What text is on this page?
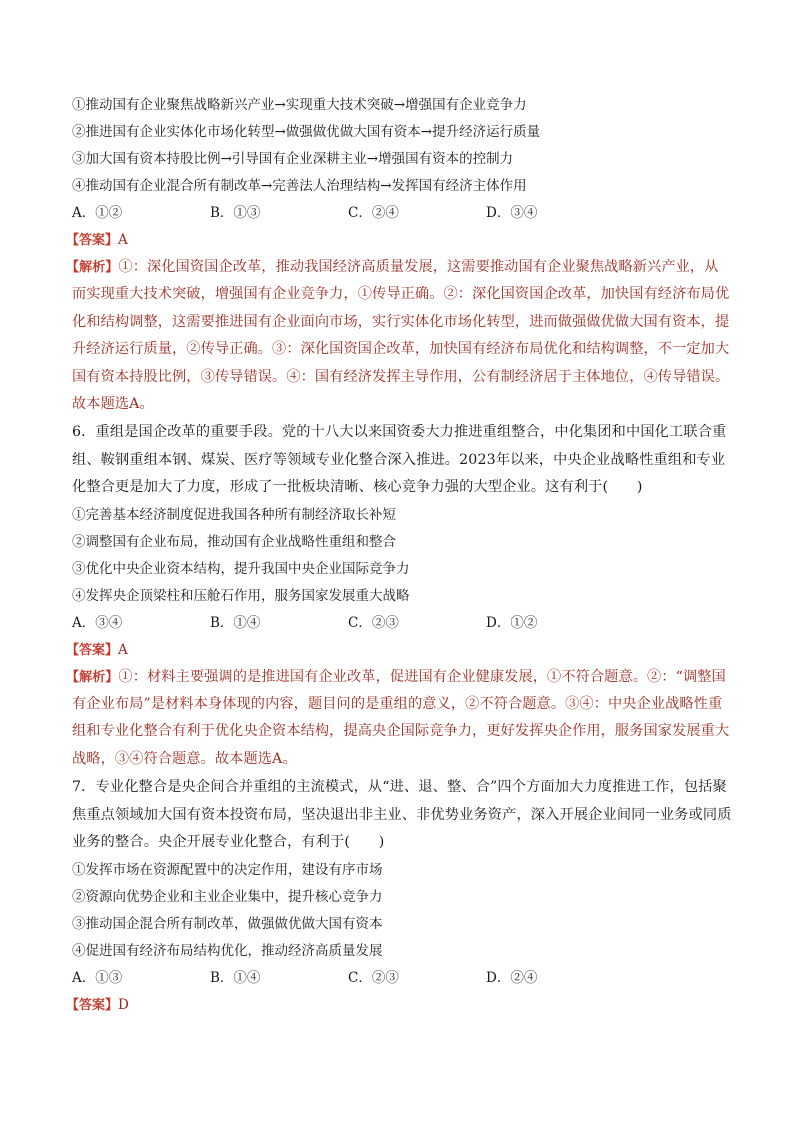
①推动国有企业聚焦战略新兴产业→实现重大技术突破→增强国有企业竞争力
②推进国有企业实体化市场化转型→做强做优做大国有资本→提升经济运行质量
③加大国有资本持股比例→引导国有企业深耕主业→增强国有资本的控制力
④推动国有企业混合所有制改革→完善法人治理结构→发挥国有经济主体作用
A．①②	B．①③	C．②④	D．③④
【答案】A
【解析】①：深化国资国企改革，推动我国经济高质量发展，这需要推动国有企业聚焦战略新兴产业，从而实现重大技术突破，增强国有企业竞争力，①传导正确。②：深化国资国企改革，加快国有经济布局优化和结构调整，这需要推进国有企业面向市场，实行实体化市场化转型，进而做强做优做大国有资本，提升经济运行质量，②传导正确。③：深化国资国企改革，加快国有经济布局优化和结构调整，不一定加大国有资本持股比例，③传导错误。④：国有经济发挥主导作用，公有制经济居于主体地位，④传导错误。故本题选A。
6．重组是国企改革的重要手段。党的十八大以来国资委大力推进重组整合，中化集团和中国化工联合重组、鞍钢重组本钢、煤炭、医疗等领域专业化整合深入推进。2023年以来，中央企业战略性重组和专业化整合更是加大了力度，形成了一批板块清晰、核心竞争力强的大型企业。这有利于(　　)
①完善基本经济制度促进我国各种所有制经济取长补短
②调整国有企业布局，推动国有企业战略性重组和整合
③优化中央企业资本结构，提升我国中央企业国际竞争力
④发挥央企顶梁柱和压舱石作用，服务国家发展重大战略
A．③④	B．①④	C．②③	D．①②
【答案】A
【解析】①：材料主要强调的是推进国有企业改革，促进国有企业健康发展，①不符合题意。②：“调整国有企业布局”是材料本身体现的内容，题目问的是重组的意义，②不符合题意。③④：中央企业战略性重组和专业化整合有利于优化央企资本结构，提高央企国际竞争力，更好发挥央企作用，服务国家发展重大战略，③④符合题意。故本题选A。
7．专业化整合是央企间合并重组的主流模式，从“进、退、整、合”四个方面加大力度推进工作，包括聚焦重点领域加大国有资本投资布局，坚决退出非主业、非优势业务资产，深入开展企业间同一业务或同质业务的整合。央企开展专业化整合，有利于(　　)
①发挥市场在资源配置中的决定作用，建设有序市场
②资源向优势企业和主业企业集中，提升核心竞争力
③推动国企混合所有制改革，做强做优做大国有资本
④促进国有经济布局结构优化，推动经济高质量发展
A．①③	B．①④	C．②③	D．②④
【答案】D
